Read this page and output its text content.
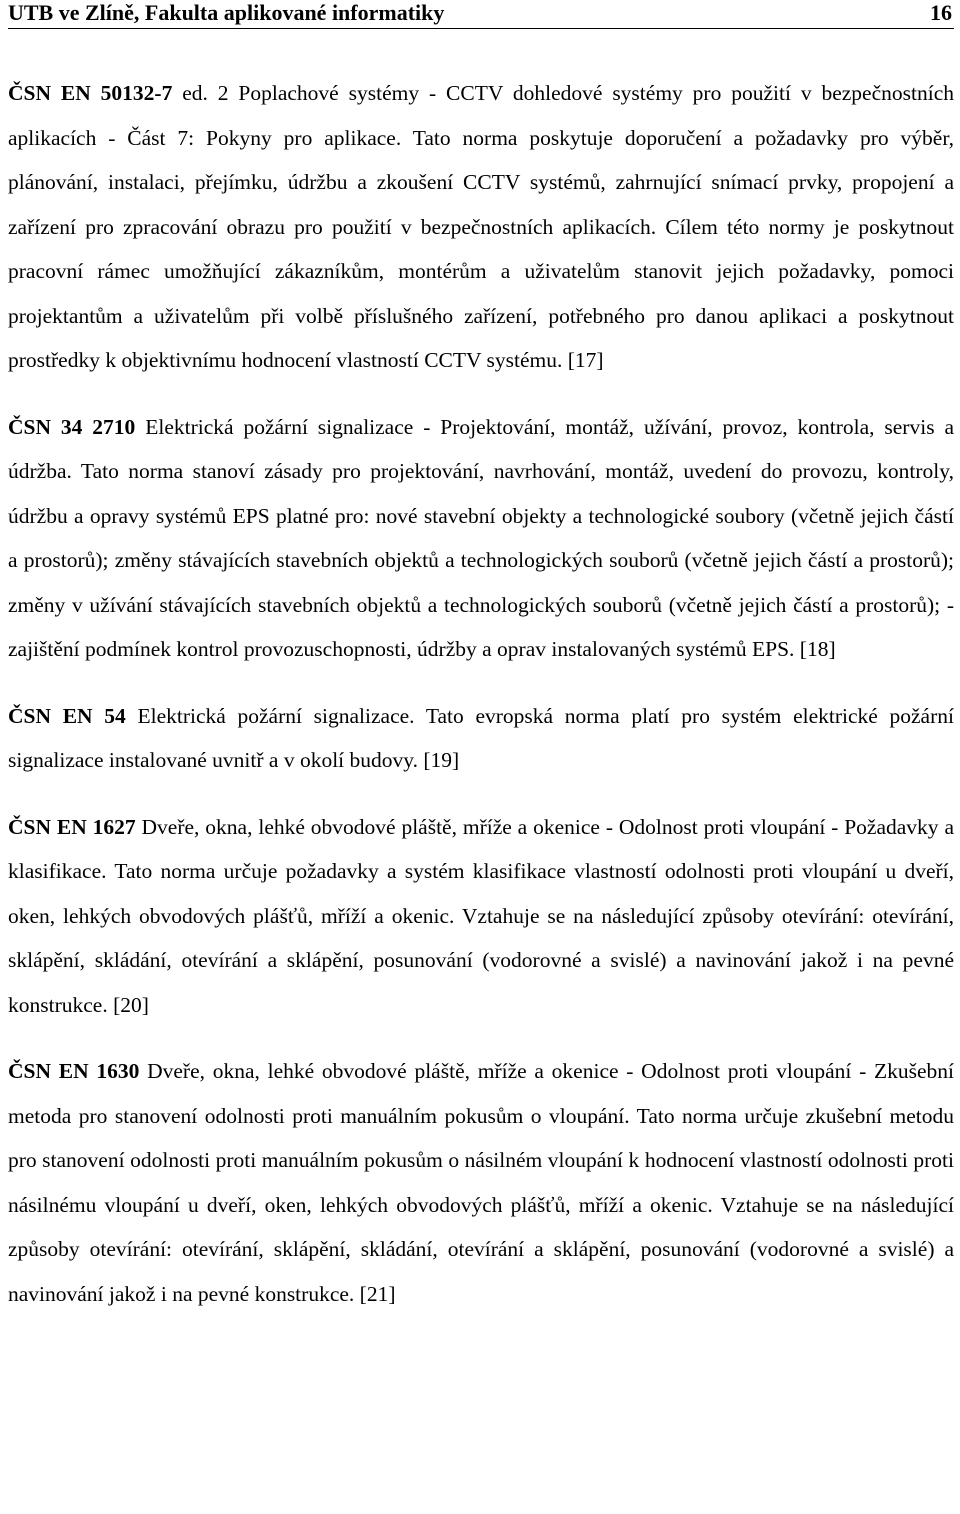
UTB ve Zlíně, Fakulta aplikované informatiky	16

ČSN EN 50132-7 ed. 2 Poplachové systémy - CCTV dohledové systémy pro použití v bezpečnostních aplikacích - Část 7: Pokyny pro aplikace. Tato norma poskytuje doporučení a požadavky pro výběr, plánování, instalaci, přejímku, údržbu a zkoušení CCTV systémů, zahrnující snímací prvky, propojení a zařízení pro zpracování obrazu pro použití v bezpečnostních aplikacích. Cílem této normy je poskytnout pracovní rámec umožňující zákazníkům, montérům a uživatelům stanovit jejich požadavky, pomoci projektantům a uživatelům při volbě příslušného zařízení, potřebného pro danou aplikaci a poskytnout prostředky k objektivnímu hodnocení vlastností CCTV systému. [17]

ČSN 34 2710 Elektrická požární signalizace - Projektování, montáž, užívání, provoz, kontrola, servis a údržba. Tato norma stanoví zásady pro projektování, navrhování, montáž, uvedení do provozu, kontroly, údržbu a opravy systémů EPS platné pro: nové stavební objekty a technologické soubory (včetně jejich částí a prostorů); změny stávajících stavebních objektů a technologických souborů (včetně jejich částí a prostorů); změny v užívání stávajících stavebních objektů a technologických souborů (včetně jejich částí a prostorů); - zajištění podmínek kontrol provozuschopnosti, údržby a oprav instalovaných systémů EPS. [18]

ČSN EN 54 Elektrická požární signalizace. Tato evropská norma platí pro systém elektrické požární signalizace instalované uvnitř a v okolí budovy. [19]

ČSN EN 1627 Dveře, okna, lehké obvodové pláště, mříže a okenice - Odolnost proti vloupání - Požadavky a klasifikace. Tato norma určuje požadavky a systém klasifikace vlastností odolnosti proti vloupání u dveří, oken, lehkých obvodových plášťů, mříží a okenic. Vztahuje se na následující způsoby otevírání: otevírání, sklápění, skládání, otevírání a sklápění, posunování (vodorovné a svislé) a navinování jakož i na pevné konstrukce. [20]

ČSN EN 1630 Dveře, okna, lehké obvodové pláště, mříže a okenice - Odolnost proti vloupání - Zkušební metoda pro stanovení odolnosti proti manuálním pokusům o vloupání. Tato norma určuje zkušební metodu pro stanovení odolnosti proti manuálním pokusům o násilném vloupání k hodnocení vlastností odolnosti proti násilnému vloupání u dveří, oken, lehkých obvodových plášťů, mříží a okenic. Vztahuje se na následující způsoby otevírání: otevírání, sklápění, skládání, otevírání a sklápění, posunování (vodorovné a svislé) a navinování jakož i na pevné konstrukce. [21]
